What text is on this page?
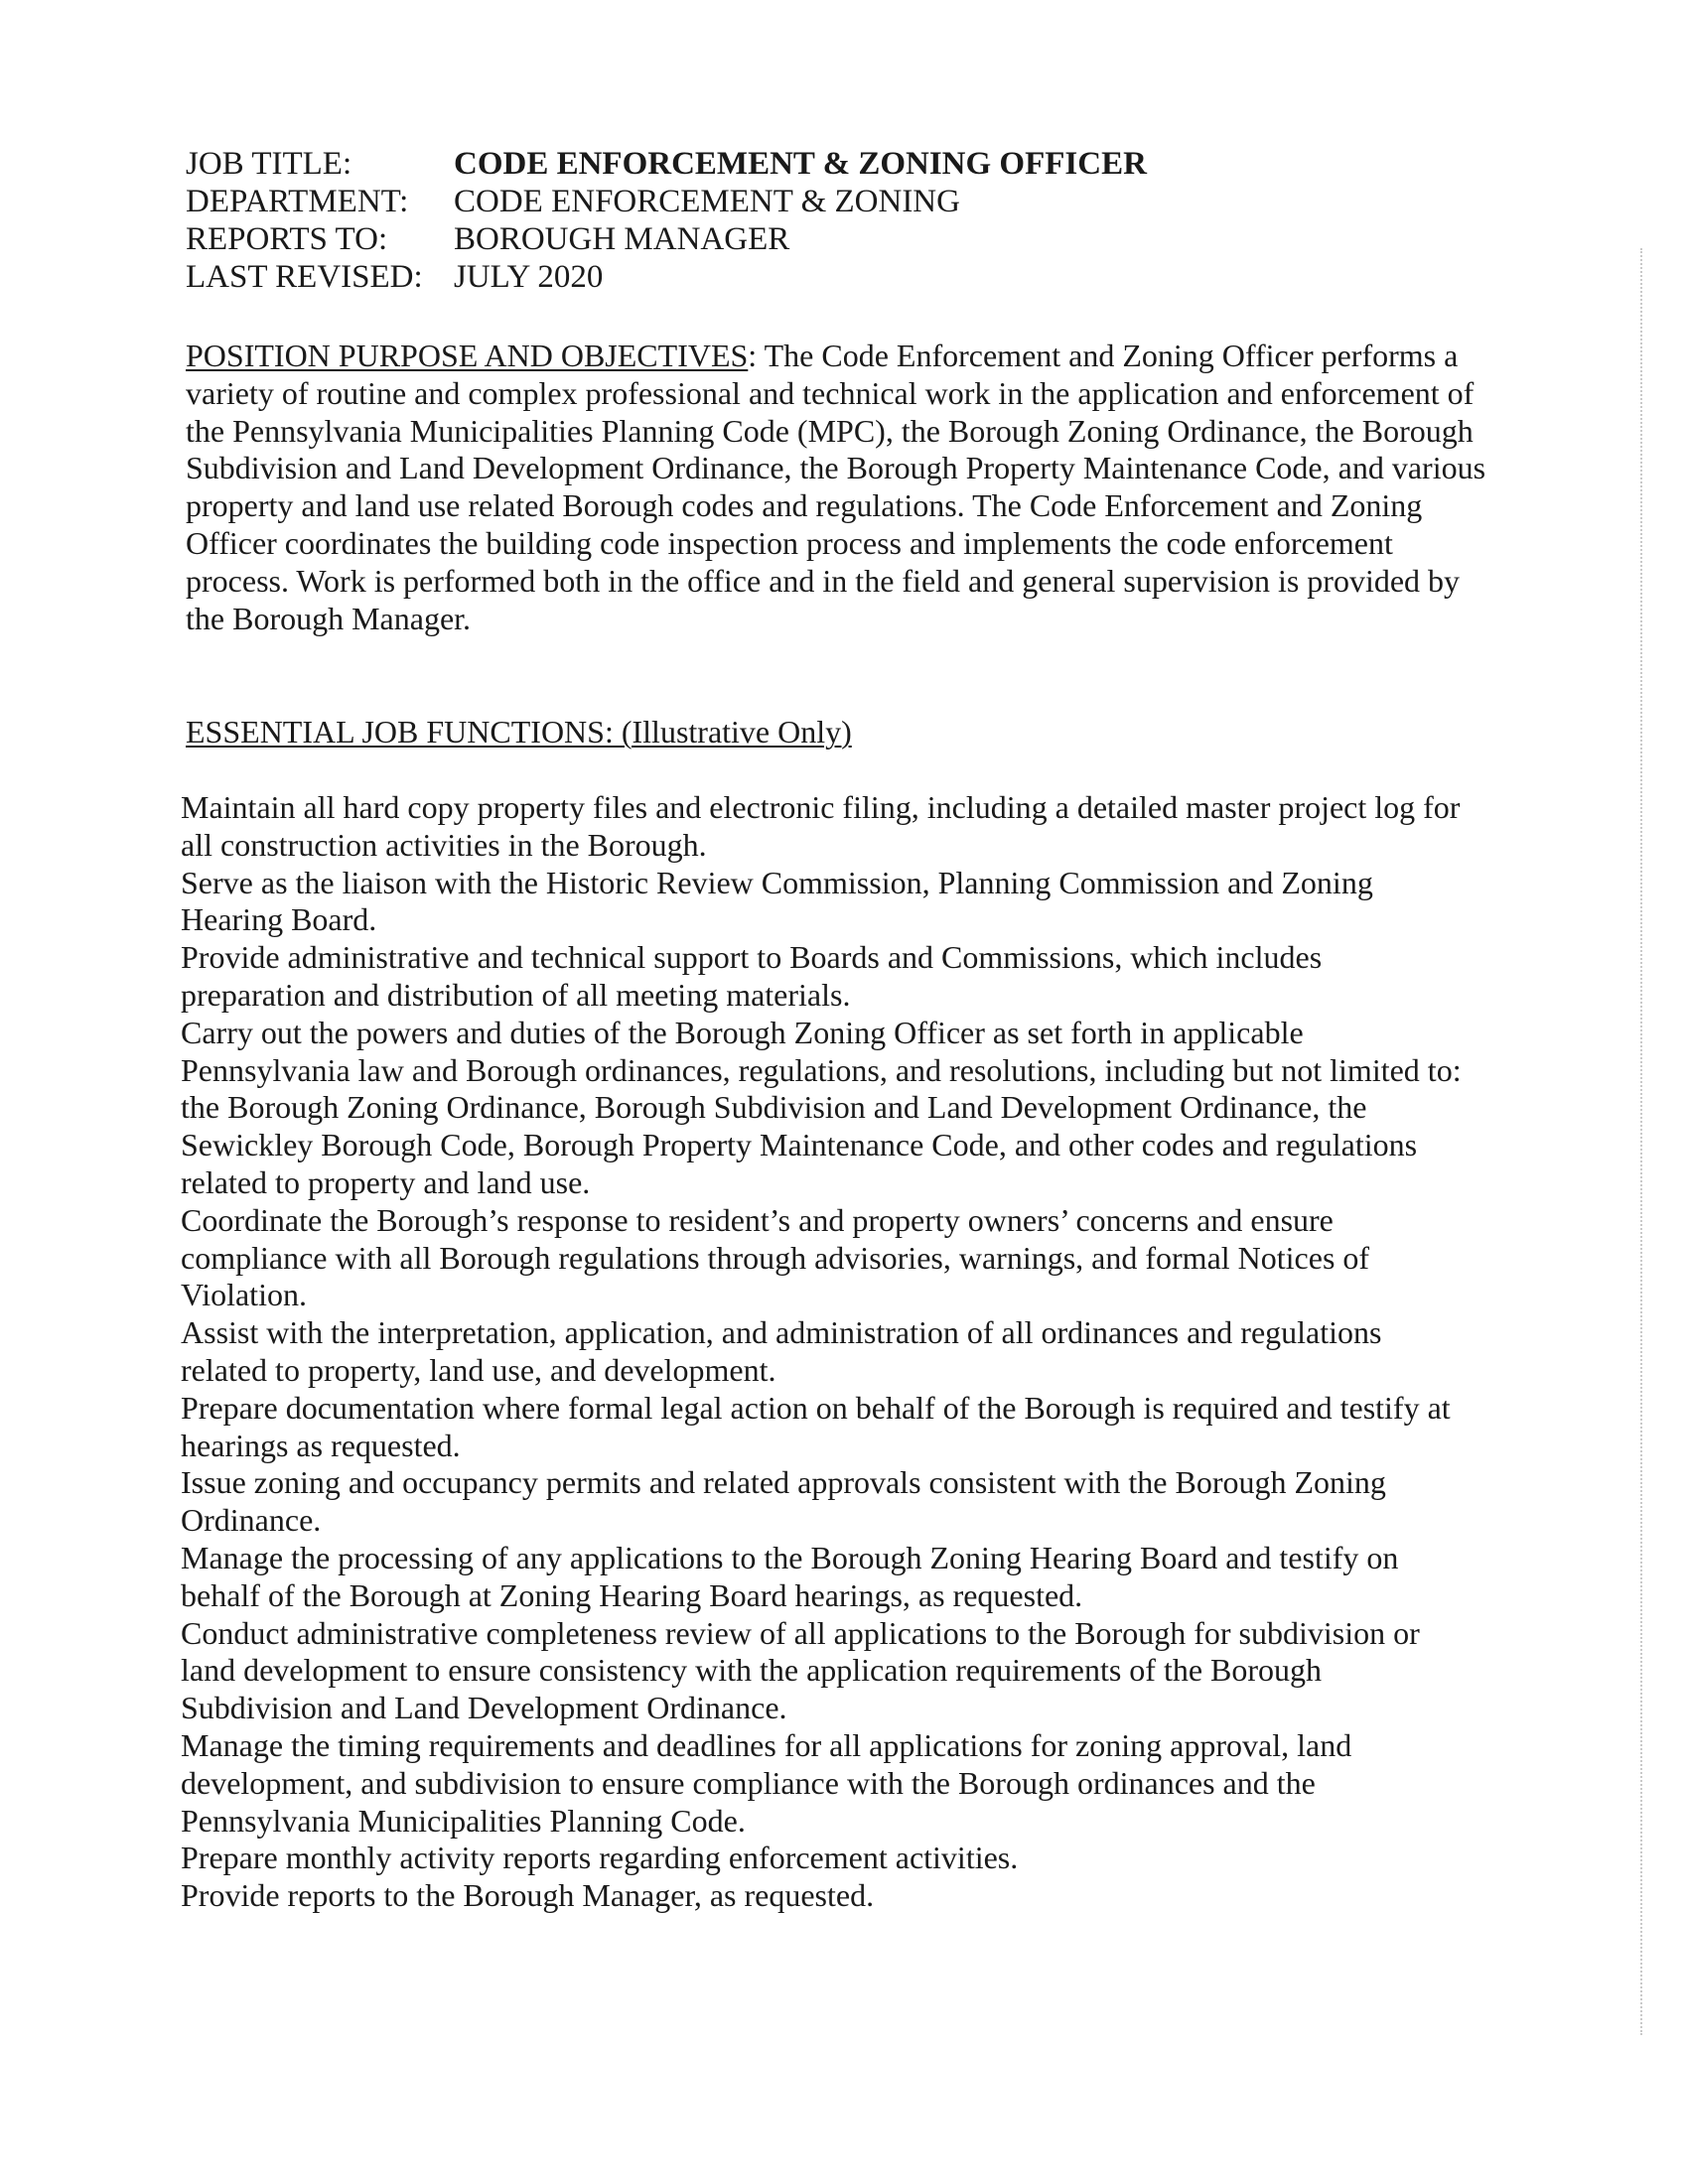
JOB TITLE:	CODE ENFORCEMENT & ZONING OFFICER
DEPARTMENT:	CODE ENFORCEMENT & ZONING
REPORTS TO:	BOROUGH MANAGER
LAST REVISED: JULY 2020
POSITION PURPOSE AND OBJECTIVES: The Code Enforcement and Zoning Officer performs a variety of routine and complex professional and technical work in the application and enforcement of the Pennsylvania Municipalities Planning Code (MPC), the Borough Zoning Ordinance, the Borough Subdivision and Land Development Ordinance, the Borough Property Maintenance Code, and various property and land use related Borough codes and regulations. The Code Enforcement and Zoning Officer coordinates the building code inspection process and implements the code enforcement process. Work is performed both in the office and in the field and general supervision is provided by the Borough Manager.
ESSENTIAL JOB FUNCTIONS: (Illustrative Only)

Maintain all hard copy property files and electronic filing, including a detailed master project log for all construction activities in the Borough.

Serve as the liaison with the Historic Review Commission, Planning Commission and Zoning Hearing Board.

Provide administrative and technical support to Boards and Commissions, which includes preparation and distribution of all meeting materials.

Carry out the powers and duties of the Borough Zoning Officer as set forth in applicable Pennsylvania law and Borough ordinances, regulations, and resolutions, including but not limited to: the Borough Zoning Ordinance, Borough Subdivision and Land Development Ordinance, the Sewickley Borough Code, Borough Property Maintenance Code, and other codes and regulations related to property and land use.

Coordinate the Borough’s response to resident’s and property owners’ concerns and ensure compliance with all Borough regulations through advisories, warnings, and formal Notices of Violation.

Assist with the interpretation, application, and administration of all ordinances and regulations related to property, land use, and development.

Prepare documentation where formal legal action on behalf of the Borough is required and testify at hearings as requested.

Issue zoning and occupancy permits and related approvals consistent with the Borough Zoning Ordinance.

Manage the processing of any applications to the Borough Zoning Hearing Board and testify on behalf of the Borough at Zoning Hearing Board hearings, as requested.

Conduct administrative completeness review of all applications to the Borough for subdivision or land development to ensure consistency with the application requirements of the Borough Subdivision and Land Development Ordinance.

Manage the timing requirements and deadlines for all applications for zoning approval, land development, and subdivision to ensure compliance with the Borough ordinances and the Pennsylvania Municipalities Planning Code.

Prepare monthly activity reports regarding enforcement activities.

Provide reports to the Borough Manager, as requested.
